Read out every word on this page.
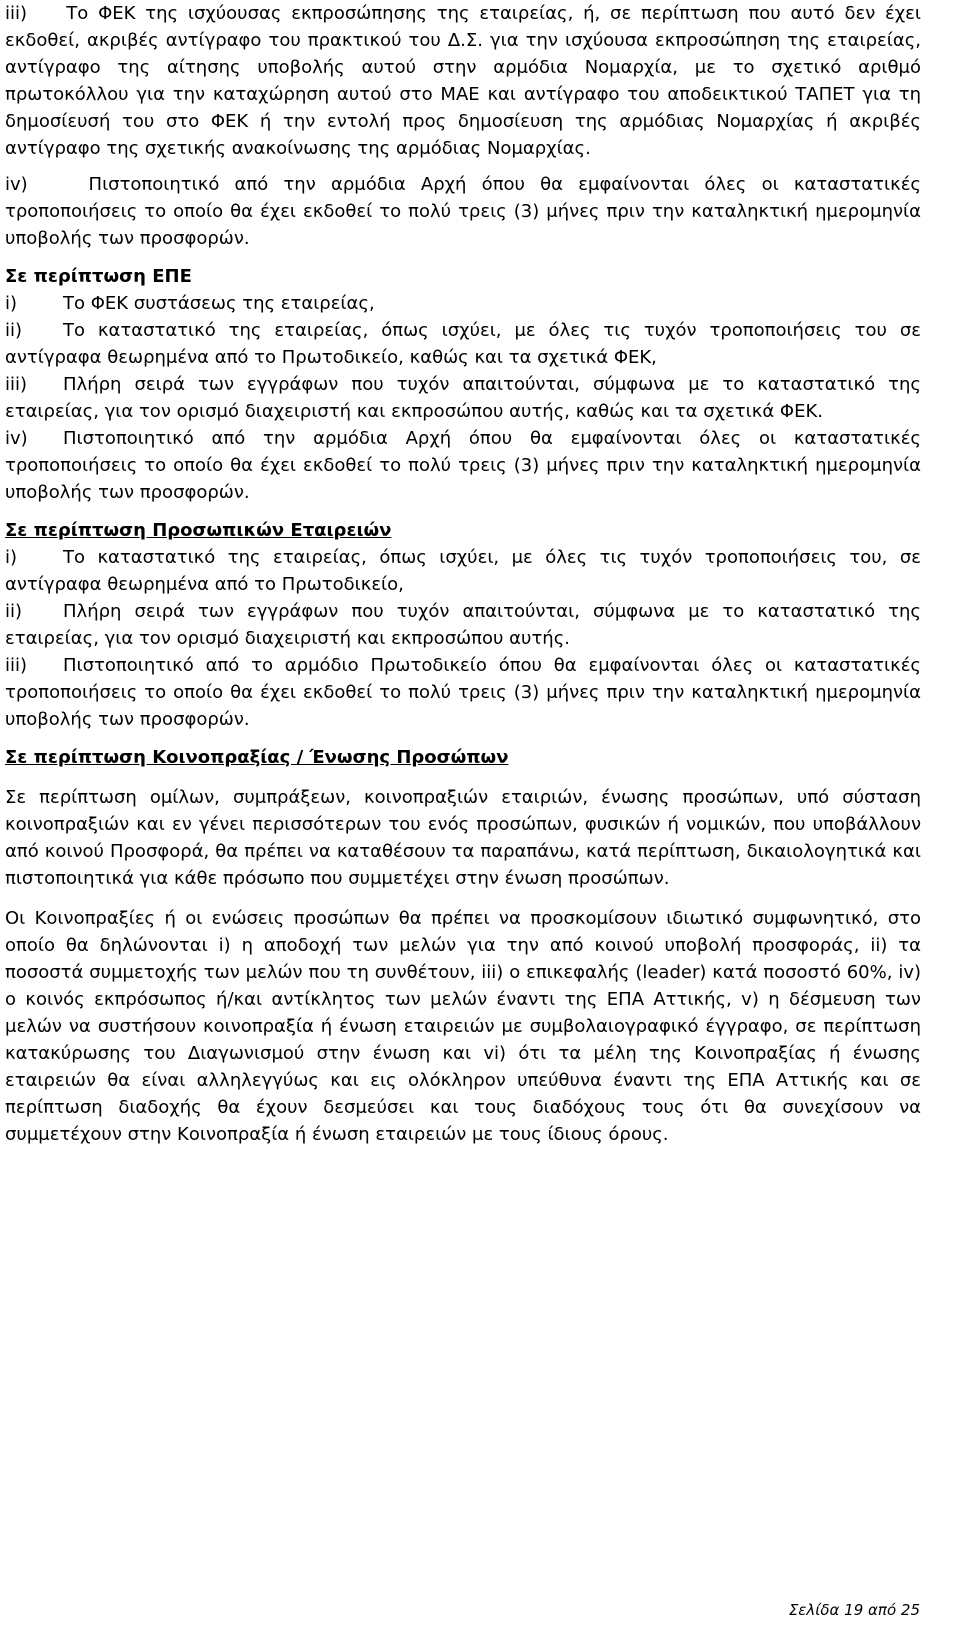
iii) Το ΦΕΚ της ισχύουσας εκπροσώπησης της εταιρείας, ή, σε περίπτωση που αυτό δεν έχει εκδοθεί, ακριβές αντίγραφο του πρακτικού του Δ.Σ. για την ισχύουσα εκπροσώπηση της εταιρείας, αντίγραφο της αίτησης υποβολής αυτού στην αρμόδια Νομαρχία, με το σχετικό αριθμό πρωτοκόλλου για την καταχώρηση αυτού στο ΜΑΕ και αντίγραφο του αποδεικτικού ΤΑΠΕΤ για τη δημοσίευσή του στο ΦΕΚ ή την εντολή προς δημοσίευση της αρμόδιας Νομαρχίας ή ακριβές αντίγραφο της σχετικής ανακοίνωσης της αρμόδιας Νομαρχίας.

iv)	Πιστοποιητικό από την αρμόδια Αρχή όπου θα εμφαίνονται όλες οι καταστατικές τροποποιήσεις το οποίο θα έχει εκδοθεί το πολύ τρεις (3) μήνες πριν την καταληκτική ημερομηνία υποβολής των προσφορών.

Σε περίπτωση ΕΠΕ

i)	Το ΦΕΚ συστάσεως της εταιρείας,

ii) Το καταστατικό της εταιρείας, όπως ισχύει, με όλες τις τυχόν τροποποιήσεις του σε αντίγραφα θεωρημένα από το Πρωτοδικείο, καθώς και τα σχετικά ΦΕΚ,

iii) Πλήρη σειρά των εγγράφων που τυχόν απαιτούνται, σύμφωνα με το καταστατικό της εταιρείας, για τον ορισμό διαχειριστή και εκπροσώπου αυτής, καθώς και τα σχετικά ΦΕΚ.

iv) Πιστοποιητικό από την αρμόδια Αρχή όπου θα εμφαίνονται όλες οι καταστατικές τροποποιήσεις το οποίο θα έχει εκδοθεί το πολύ τρεις (3) μήνες πριν την καταληκτική ημερομηνία υποβολής των προσφορών.

Σε περίπτωση Προσωπικών Εταιρειών

i)	Το καταστατικό της εταιρείας, όπως ισχύει, με όλες τις τυχόν τροποποιήσεις του, σε αντίγραφα θεωρημένα από το Πρωτοδικείο,

ii) Πλήρη σειρά των εγγράφων που τυχόν απαιτούνται, σύμφωνα με το καταστατικό της εταιρείας, για τον ορισμό διαχειριστή και εκπροσώπου αυτής.

iii) Πιστοποιητικό από το αρμόδιο Πρωτοδικείο όπου θα εμφαίνονται όλες οι καταστατικές τροποποιήσεις το οποίο θα έχει εκδοθεί το πολύ τρεις (3) μήνες πριν την καταληκτική ημερομηνία υποβολής των προσφορών.

Σε περίπτωση Κοινοπραξίας / Ένωσης Προσώπων

Σε περίπτωση ομίλων, συμπράξεων, κοινοπραξιών εταιριών, ένωσης προσώπων, υπό σύσταση κοινοπραξιών και εν γένει περισσότερων του ενός προσώπων, φυσικών ή νομικών, που υποβάλλουν από κοινού Προσφορά, θα πρέπει να καταθέσουν τα παραπάνω, κατά περίπτωση, δικαιολογητικά και πιστοποιητικά για κάθε πρόσωπο που συμμετέχει στην ένωση προσώπων.

Οι Κοινοπραξίες ή οι ενώσεις προσώπων θα πρέπει να προσκομίσουν ιδιωτικό συμφωνητικό, στο οποίο θα δηλώνονται i) η αποδοχή των μελών για την από κοινού υποβολή προσφοράς, ii) τα ποσοστά συμμετοχής των μελών που τη συνθέτουν, iii) ο επικεφαλής (leader) κατά ποσοστό 60%, iv) ο κοινός εκπρόσωπος ή/και αντίκλητος των μελών έναντι της ΕΠΑ Αττικής, v) η δέσμευση των μελών να συστήσουν κοινοπραξία ή ένωση εταιρειών με συμβολαιογραφικό έγγραφο, σε περίπτωση κατακύρωσης του Διαγωνισμού στην ένωση και vi) ότι τα μέλη της Κοινοπραξίας ή ένωσης εταιρειών θα είναι αλληλεγγύως και εις ολόκληρον υπεύθυνα έναντι της ΕΠΑ Αττικής και σε περίπτωση διαδοχής θα έχουν δεσμεύσει και τους διαδόχους τους ότι θα συνεχίσουν να συμμετέχουν στην Κοινοπραξία ή ένωση εταιρειών με τους ίδιους όρους.

Σελίδα 19 από 25
